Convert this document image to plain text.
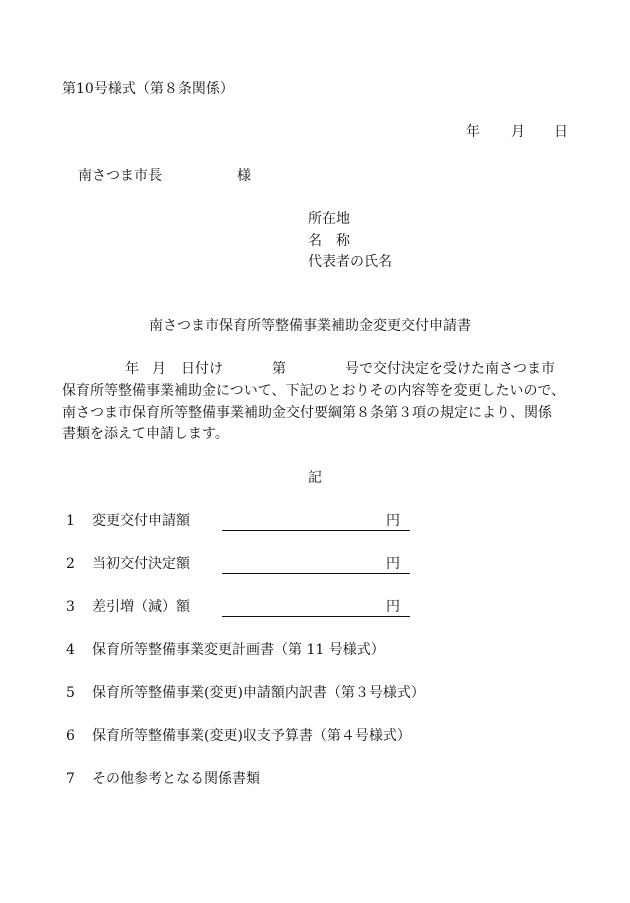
第10号様式（第８条関係）
年 月 日
南さつま市長	様
所在地
名　称
代表者の氏名
南さつま市保育所等整備事業補助金変更交付申請書
年 月 日付け	第	号で交付決定を受けた南さつま市
保育所等整備事業補助金について、下記のとおりその内容等を変更したいので、
南さつま市保育所等整備事業補助金交付要綱第８条第３項の規定により、関係
書類を添えて申請します。
記
1 変更交付申請額	円
2 当初交付決定額	円
3 差引増（減）額	円
4 保育所等整備事業変更計画書（第 11 号様式）
5 保育所等整備事業(変更)申請額内訳書（第３号様式）
6 保育所等整備事業(変更)収支予算書（第４号様式）
7 その他参考となる関係書類
